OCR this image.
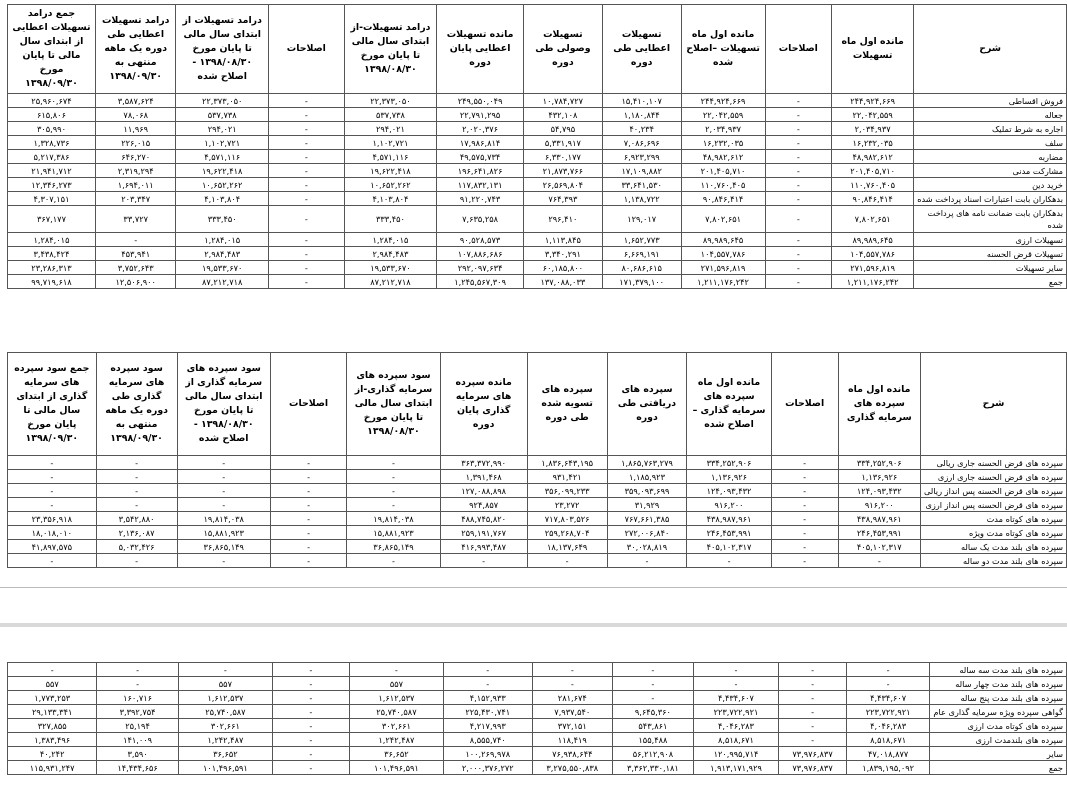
شرح	مانده اول ماه تسهیلات	اصلاحات	مانده اول ماه تسهیلات –اصلاح شده	تسهیلات اعطایی طی دوره	تسهیلات وصولی طی دوره	مانده تسهیلات اعطایی پایان دوره	درامد تسهیلات-از ابتدای سال مالی تا پایان مورخ ۱۳۹۸/۰۸/۳۰	اصلاحات	درامد تسهیلات از ابتدای سال مالی تا پایان مورخ ۱۳۹۸/۰۸/۳۰ - اصلاح شده	درامد تسهیلات اعطایی طی دوره یک ماهه منتهی به ۱۳۹۸/۰۹/۳۰	جمع درامد تسهیلات اعطایی از ابتدای سال مالی تا پایان مورخ ۱۳۹۸/۰۹/۳۰
فروش اقساطی	۲۴۴,۹۲۴,۶۶۹	-	۲۴۴,۹۲۴,۶۶۹	۱۵,۴۱۰,۱۰۷	۱۰,۷۸۴,۷۲۷	۲۴۹,۵۵۰,۰۴۹	۲۲,۳۷۳,۰۵۰	-	۲۲,۳۷۳,۰۵۰	۳,۵۸۷,۶۲۴	۲۵,۹۶۰,۶۷۴
جعاله	۲۲,۰۴۲,۵۵۹	-	۲۲,۰۴۲,۵۵۹	۱,۱۸۰,۸۴۴	۴۳۲,۱۰۸	۲۲,۷۹۱,۲۹۵	۵۳۷,۷۳۸	-	۵۳۷,۷۳۸	۷۸,۰۶۸	۶۱۵,۸۰۶
اجاره به شرط تملیک	۲,۰۳۴,۹۳۷	-	۲,۰۳۴,۹۳۷	۴۰,۲۳۴	۵۴,۷۹۵	۲,۰۲۰,۳۷۶	۲۹۴,۰۲۱	-	۲۹۴,۰۲۱	۱۱,۹۶۹	۳۰۵,۹۹۰
سلف	۱۶,۲۳۲,۰۳۵	-	۱۶,۲۳۲,۰۳۵	۷,۰۸۶,۶۹۶	۵,۳۳۱,۹۱۷	۱۷,۹۸۶,۸۱۴	۱,۱۰۲,۷۲۱	-	۱,۱۰۲,۷۲۱	۲۲۶,۰۱۵	۱,۳۲۸,۷۳۶
مضاربه	۴۸,۹۸۲,۶۱۲	-	۴۸,۹۸۲,۶۱۲	۶,۹۲۳,۲۹۹	۶,۳۳۰,۱۷۷	۴۹,۵۷۵,۷۳۴	۴,۵۷۱,۱۱۶	-	۴,۵۷۱,۱۱۶	۶۴۶,۲۷۰	۵,۲۱۷,۳۸۶
مشارکت مدنی	۲۰۱,۴۰۵,۷۱۰	-	۲۰۱,۴۰۵,۷۱۰	۱۷,۱۰۹,۸۸۲	۲۱,۸۷۳,۷۶۶	۱۹۶,۶۴۱,۸۲۶	۱۹,۶۲۲,۴۱۸	-	۱۹,۶۲۲,۴۱۸	۲,۳۱۹,۲۹۴	۲۱,۹۴۱,۷۱۲
خرید دین	۱۱۰,۷۶۰,۴۰۵	-	۱۱۰,۷۶۰,۴۰۵	۳۳,۶۴۱,۵۳۰	۲۶,۵۶۹,۸۰۴	۱۱۷,۸۳۲,۱۳۱	۱۰,۶۵۲,۲۶۲	-	۱۰,۶۵۲,۲۶۲	۱,۶۹۴,۰۱۱	۱۲,۳۴۶,۲۷۳
بدهکاران بابت اعتبارات اسناد پرداخت شده	۹۰,۸۴۶,۴۱۴	-	۹۰,۸۴۶,۴۱۴	۱,۱۳۸,۷۲۲	۷۶۴,۳۹۳	۹۱,۲۲۰,۷۴۳	۴,۱۰۳,۸۰۴	-	۴,۱۰۳,۸۰۴	۲۰۳,۳۴۷	۴,۳۰۷,۱۵۱
بدهکاران بابت ضمانت نامه های پرداخت شده	۷,۸۰۲,۶۵۱	-	۷,۸۰۲,۶۵۱	۱۲۹,۰۱۷	۲۹۶,۴۱۰	۷,۶۳۵,۲۵۸	۳۳۳,۴۵۰	-	۳۳۳,۴۵۰	۳۳,۷۲۷	۳۶۷,۱۷۷
تسهیلات ارزی	۸۹,۹۸۹,۶۴۵	-	۸۹,۹۸۹,۶۴۵	۱,۶۵۲,۷۷۳	۱,۱۱۳,۸۴۵	۹۰,۵۲۸,۵۷۳	۱,۲۸۴,۰۱۵	-	۱,۲۸۴,۰۱۵	-	۱,۲۸۴,۰۱۵
تسهیلات قرض الحسنه	۱۰۴,۵۵۷,۷۸۶	-	۱۰۴,۵۵۷,۷۸۶	۶,۶۶۹,۱۹۱	۳,۳۴۰,۲۹۱	۱۰۷,۸۸۶,۶۸۶	۲,۹۸۴,۴۸۳	-	۲,۹۸۴,۴۸۳	۴۵۳,۹۴۱	۳,۴۳۸,۴۲۴
سایر تسهیلات	۲۷۱,۵۹۶,۸۱۹	-	۲۷۱,۵۹۶,۸۱۹	۸۰,۶۸۶,۶۱۵	۶۰,۱۸۵,۸۰۰	۲۹۲,۰۹۷,۶۳۴	۱۹,۵۳۳,۶۷۰	-	۱۹,۵۳۳,۶۷۰	۳,۷۵۲,۶۴۳	۲۳,۲۸۶,۳۱۳
جمع	۱,۲۱۱,۱۷۶,۲۴۲	-	۱,۲۱۱,۱۷۶,۲۴۲	۱۷۱,۳۷۹,۱۰۰	۱۳۷,۰۸۸,۰۳۳	۱,۲۴۵,۵۶۷,۳۰۹	۸۷,۲۱۲,۷۱۸	-	۸۷,۲۱۲,۷۱۸	۱۲,۵۰۶,۹۰۰	۹۹,۷۱۹,۶۱۸
شرح	مانده اول ماه سپرده های سرمایه گذاری	اصلاحات	مانده اول ماه سپرده های سرمایه گذاری –اصلاح شده	سپرده های دریافتی طی دوره	سپرده های تسویه شده طی دوره	مانده سپرده های سرمایه گذاری پایان دوره	سود سپرده های سرمایه گذاری-از ابتدای سال مالی تا پایان مورخ ۱۳۹۸/۰۸/۳۰	اصلاحات	سود سپرده های سرمایه گذاری از ابتدای سال مالی تا پایان مورخ ۱۳۹۸/۰۸/۳۰ - اصلاح شده	سود سپرده های سرمایه گذاری طی دوره یک ماهه منتهی به ۱۳۹۸/۰۹/۳۰	جمع سود سپرده های سرمایه گذاری از ابتدای سال مالی تا پایان مورخ ۱۳۹۸/۰۹/۳۰
سپرده های قرض الحسنه جاری ریالی	۳۳۴,۲۵۲,۹۰۶	-	۳۳۴,۲۵۲,۹۰۶	۱,۸۶۵,۷۶۳,۲۷۹	۱,۸۳۶,۶۴۳,۱۹۵	۳۶۳,۳۷۲,۹۹۰	-	-	-	-	-
سپرده های قرض الحسنه جاری ارزی	۱,۱۳۶,۹۲۶	-	۱,۱۳۶,۹۲۶	۱,۱۸۵,۹۲۳	۹۳۱,۴۲۱	۱,۳۹۱,۴۶۸	-	-	-	-	-
سپرده های قرض الحسنه پس انداز ریالی	۱۲۴,۰۹۳,۴۳۲	-	۱۲۴,۰۹۳,۴۳۲	۳۵۹,۰۹۳,۶۹۹	۳۵۶,۰۹۹,۲۳۳	۱۲۷,۰۸۸,۸۹۸	-	-	-	-	-
سپرده های قرض الحسنه پس انداز ارزی	۹۱۶,۲۰۰	-	۹۱۶,۲۰۰	۳۱,۹۲۹	۲۳,۲۷۲	۹۲۴,۸۵۷	-	-	-	-	-
سپرده های کوتاه مدت	۴۳۸,۹۸۷,۹۶۱	-	۴۳۸,۹۸۷,۹۶۱	۷۶۷,۶۶۱,۳۸۵	۷۱۷,۸۰۳,۵۲۶	۴۸۸,۷۴۵,۸۲۰	۱۹,۸۱۴,۰۳۸	-	۱۹,۸۱۴,۰۳۸	۳,۵۴۲,۸۸۰	۲۳,۳۵۶,۹۱۸
سپرده های کوتاه مدت ویژه	۲۴۶,۴۵۳,۹۹۱	-	۲۴۶,۴۵۳,۹۹۱	۲۷۲,۰۰۶,۸۴۰	۲۵۹,۲۶۸,۷۰۴	۲۵۹,۱۹۱,۷۶۷	۱۵,۸۸۱,۹۲۳	-	۱۵,۸۸۱,۹۲۳	۲,۱۳۶,۰۸۷	۱۸,۰۱۸,۰۱۰
سپرده های بلند مدت یک ساله	۴۰۵,۱۰۲,۳۱۷	-	۴۰۵,۱۰۲,۳۱۷	۳۰,۰۲۸,۸۱۹	۱۸,۱۳۷,۶۴۹	۴۱۶,۹۹۳,۴۸۷	۳۶,۸۶۵,۱۴۹	-	۳۶,۸۶۵,۱۴۹	۵,۰۳۲,۴۲۶	۴۱,۸۹۷,۵۷۵
سپرده های بلند مدت دو ساله	-	-	-	-	-	-	-	-	-	-	-
سپرده های بلند مدت سه ساله	-	-	-	-	-	-	-	-	-	-	-
سپرده های بلند مدت چهار ساله	-	-	-	-	-	-	۵۵۷	-	۵۵۷	-	۵۵۷
سپرده های بلند مدت پنج ساله	۴,۴۳۴,۶۰۷	-	۴,۴۳۴,۶۰۷	-	۲۸۱,۶۷۴	۴,۱۵۲,۹۳۳	۱,۶۱۲,۵۳۷	-	۱,۶۱۲,۵۳۷	۱۶۰,۷۱۶	۱,۷۷۳,۲۵۳
گواهی سپرده ویژه سرمایه گذاری عام	۲۲۳,۷۲۲,۹۲۱	-	۲۲۳,۷۲۲,۹۲۱	۹,۶۴۵,۳۶۰	۷,۹۳۷,۵۴۰	۲۲۵,۴۳۰,۷۴۱	۲۵,۷۴۰,۵۸۷	-	۲۵,۷۴۰,۵۸۷	۳,۳۹۲,۷۵۴	۲۹,۱۳۳,۳۴۱
سپرده های کوتاه مدت ارزی	۴,۰۴۶,۲۸۳	-	۴,۰۴۶,۲۸۳	۵۴۳,۸۶۱	۳۷۲,۱۵۱	۴,۲۱۷,۹۹۳	۳۰۲,۶۶۱	-	۳۰۲,۶۶۱	۲۵,۱۹۴	۳۲۷,۸۵۵
سپرده های بلندمدت ارزی	۸,۵۱۸,۶۷۱	-	۸,۵۱۸,۶۷۱	۱۵۵,۴۸۸	۱۱۸,۴۱۹	۸,۵۵۵,۷۴۰	۱,۲۴۲,۴۸۷	-	۱,۲۴۲,۴۸۷	۱۴۱,۰۰۹	۱,۳۸۳,۴۹۶
سایر	۴۷,۰۱۸,۸۷۷	۷۳,۹۷۶,۸۳۷	۱۲۰,۹۹۵,۷۱۴	۵۶,۲۱۲,۹۰۸	۷۶,۹۳۸,۶۴۴	۱۰۰,۲۶۹,۹۷۸	۳۶,۶۵۲	-	۳۶,۶۵۲	۳,۵۹۰	۴۰,۲۴۲
جمع	۱,۸۳۹,۱۹۵,۰۹۲	۷۳,۹۷۶,۸۳۷	۱,۹۱۳,۱۷۱,۹۲۹	۳,۳۶۲,۳۳۰,۱۸۱	۳,۲۷۵,۵۵۰,۸۳۸	۲,۰۰۰,۳۷۶,۲۷۲	۱۰۱,۴۹۶,۵۹۱	-	۱۰۱,۴۹۶,۵۹۱	۱۴,۴۳۴,۶۵۶	۱۱۵,۹۳۱,۲۴۷
